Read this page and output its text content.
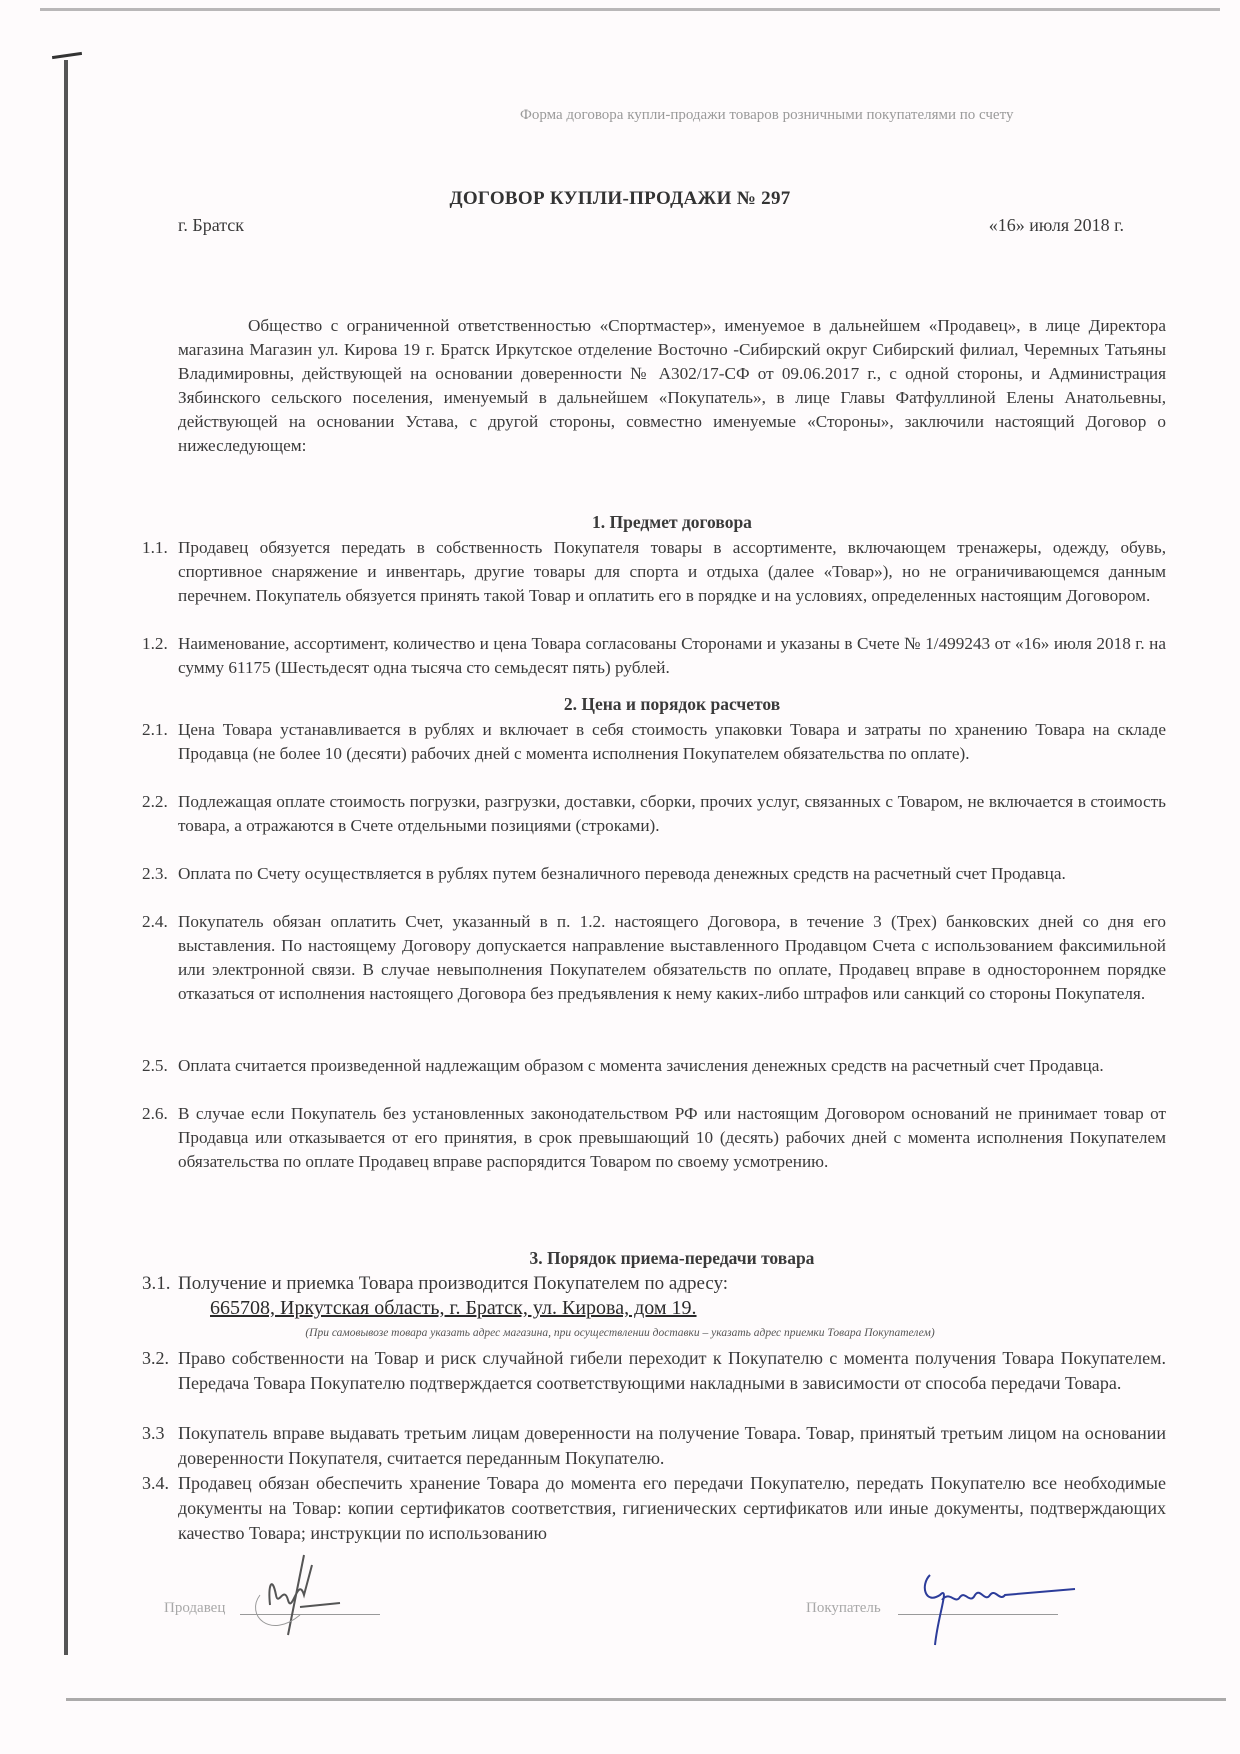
Форма договора купли-продажи товаров розничными покупателями по счету
ДОГОВОР КУПЛИ-ПРОДАЖИ № 297
г. Братск	«16» июля 2018 г.
Общество с ограниченной ответственностью «Спортмастер», именуемое в дальнейшем «Продавец», в лице Директора магазина Магазин ул. Кирова 19 г. Братск Иркутское отделение Восточно -Сибирский округ Сибирский филиал, Черемных Татьяны Владимировны, действующей на основании доверенности № А302/17-СФ от 09.06.2017 г., с одной стороны, и Администрация Зябинского сельского поселения, именуемый в дальнейшем «Покупатель», в лице Главы Фатфуллиной Елены Анатольевны, действующей на основании Устава, с другой стороны, совместно именуемые «Стороны», заключили настоящий Договор о нижеследующем:
1. Предмет договора
1.1. Продавец обязуется передать в собственность Покупателя товары в ассортименте, включающем тренажеры, одежду, обувь, спортивное снаряжение и инвентарь, другие товары для спорта и отдыха (далее «Товар»), но не ограничивающемся данным перечнем. Покупатель обязуется принять такой Товар и оплатить его в порядке и на условиях, определенных настоящим Договором.
1.2. Наименование, ассортимент, количество и цена Товара согласованы Сторонами и указаны в Счете № 1/499243 от «16» июля 2018 г. на сумму 61175 (Шестьдесят одна тысяча сто семьдесят пять) рублей.
2. Цена и порядок расчетов
2.1. Цена Товара устанавливается в рублях и включает в себя стоимость упаковки Товара и затраты по хранению Товара на складе Продавца (не более 10 (десяти) рабочих дней с момента исполнения Покупателем обязательства по оплате).
2.2. Подлежащая оплате стоимость погрузки, разгрузки, доставки, сборки, прочих услуг, связанных с Товаром, не включается в стоимость товара, а отражаются в Счете отдельными позициями (строками).
2.3. Оплата по Счету осуществляется в рублях путем безналичного перевода денежных средств на расчетный счет Продавца.
2.4. Покупатель обязан оплатить Счет, указанный в п. 1.2. настоящего Договора, в течение 3 (Трех) банковских дней со дня его выставления. По настоящему Договору допускается направление выставленного Продавцом Счета с использованием факсимильной или электронной связи. В случае невыполнения Покупателем обязательств по оплате, Продавец вправе в одностороннем порядке отказаться от исполнения настоящего Договора без предъявления к нему каких-либо штрафов или санкций со стороны Покупателя.
2.5. Оплата считается произведенной надлежащим образом с момента зачисления денежных средств на расчетный счет Продавца.
2.6. В случае если Покупатель без установленных законодательством РФ или настоящим Договором оснований не принимает товар от Продавца или отказывается от его принятия, в срок превышающий 10 (десять) рабочих дней с момента исполнения Покупателем обязательства по оплате Продавец вправе распорядится Товаром по своему усмотрению.
3. Порядок приема-передачи товара
3.1. Получение и приемка Товара производится Покупателем по адресу:
665708, Иркутская область, г. Братск, ул. Кирова, дом 19.
(При самовывозе товара указать адрес магазина, при осуществлении доставки – указать адрес приемки Товара Покупателем)
3.2. Право собственности на Товар и риск случайной гибели переходит к Покупателю с момента получения Товара Покупателем. Передача Товара Покупателю подтверждается соответствующими накладными в зависимости от способа передачи Товара.
3.3 Покупатель вправе выдавать третьим лицам доверенности на получение Товара. Товар, принятый третьим лицом на основании доверенности Покупателя, считается переданным Покупателю.
3.4. Продавец обязан обеспечить хранение Товара до момента его передачи Покупателю, передать Покупателю все необходимые документы на Товар: копии сертификатов соответствия, гигиенических сертификатов или иные документы, подтверждающих качество Товара; инструкции по использованию
Продавец	Покупатель
